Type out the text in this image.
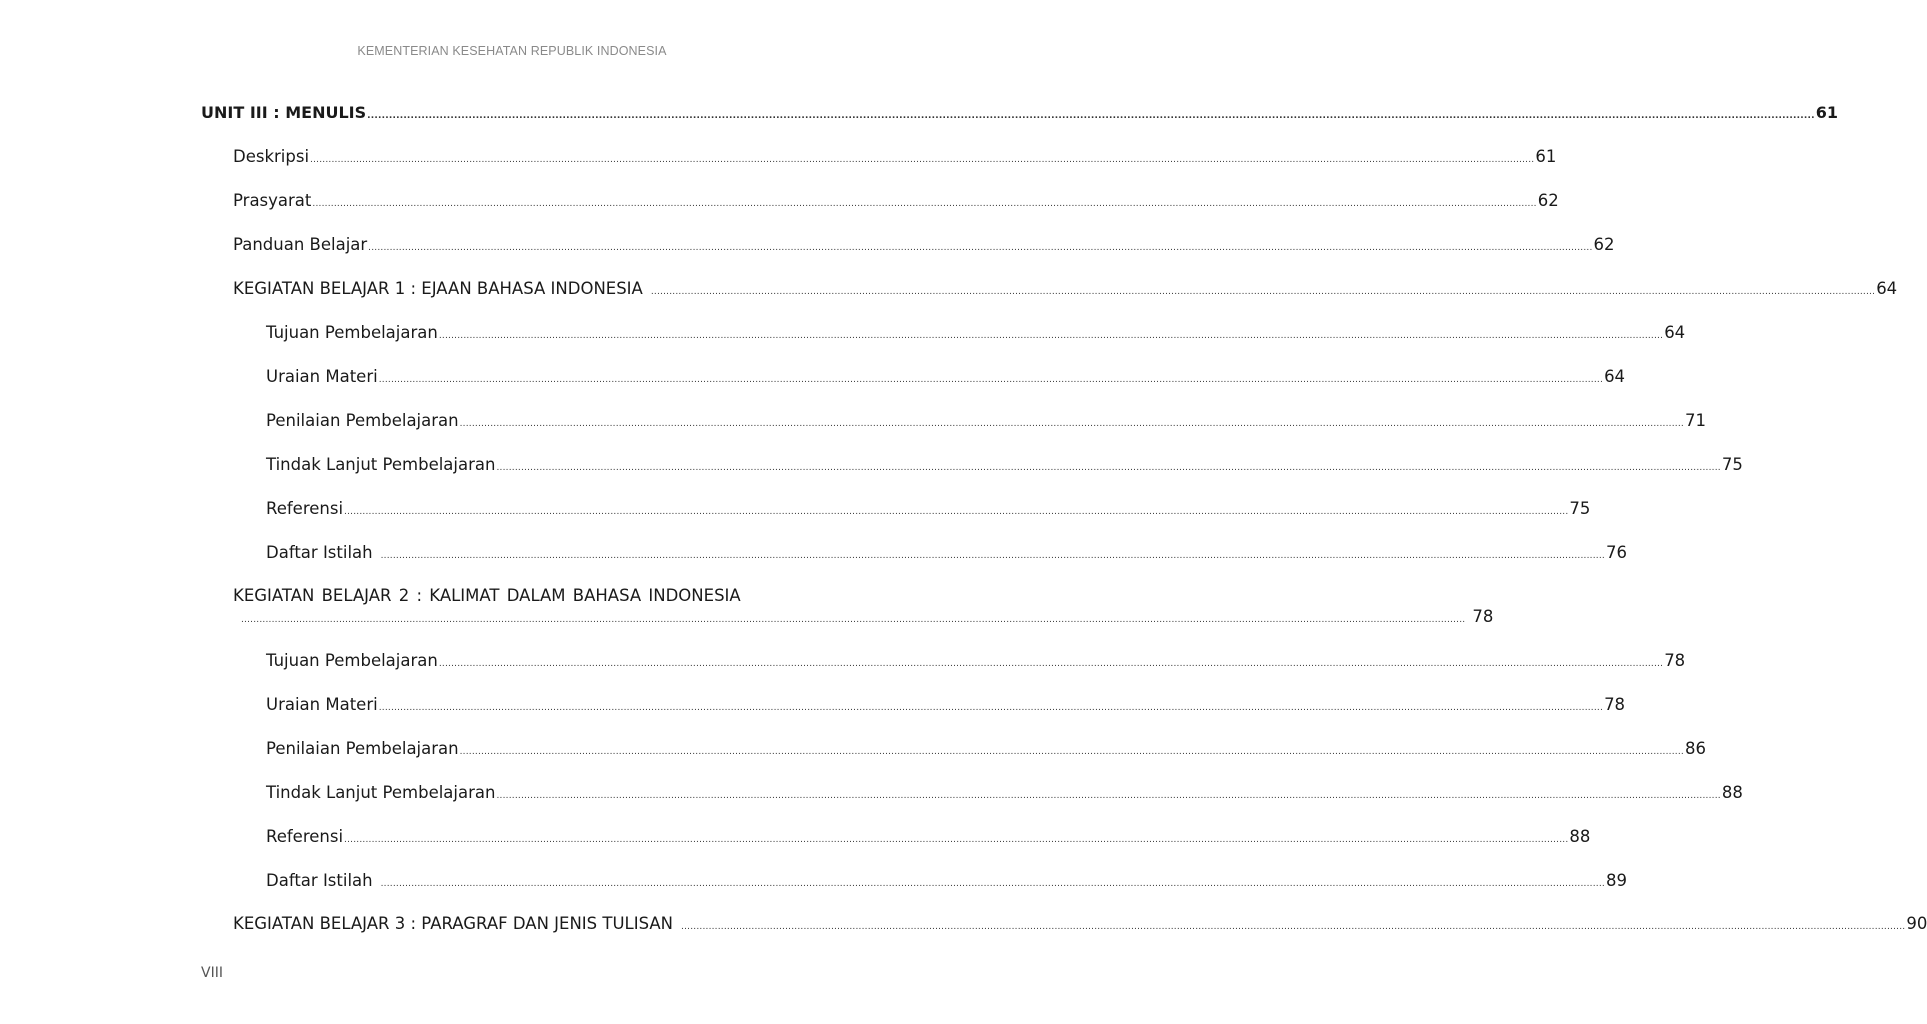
KEMENTERIAN KESEHATAN REPUBLIK INDONESIA
UNIT III : MENULIS ................................................................................................................................................................................................................................................................................................................................................................................................................ 61
Deskripsi ................................................................................................................................................................................................................................................................................................................................................................................................................ 61
Prasyarat ................................................................................................................................................................................................................................................................................................................................................................................................................ 62
Panduan Belajar ................................................................................................................................................................................................................................................................................................................................................................................................................ 62
KEGIATAN BELAJAR 1 : EJAAN BAHASA INDONESIA ................................................................................................................................................................................................................................................................................................................................................................................................................ 64
Tujuan Pembelajaran ................................................................................................................................................................................................................................................................................................................................................................................................................ 64
Uraian Materi ................................................................................................................................................................................................................................................................................................................................................................................................................ 64
Penilaian Pembelajaran ................................................................................................................................................................................................................................................................................................................................................................................................................ 71
Tindak Lanjut Pembelajaran ................................................................................................................................................................................................................................................................................................................................................................................................................ 75
Referensi ................................................................................................................................................................................................................................................................................................................................................................................................................ 75
Daftar Istilah ................................................................................................................................................................................................................................................................................................................................................................................................................ 76
KEGIATAN BELAJAR 2 : KALIMAT DALAM BAHASA INDONESIA
................................................................................................................................................................................................................................................................................................................................................................................................................ 78
Tujuan Pembelajaran ................................................................................................................................................................................................................................................................................................................................................................................................................ 78
Uraian Materi ................................................................................................................................................................................................................................................................................................................................................................................................................ 78
Penilaian Pembelajaran ................................................................................................................................................................................................................................................................................................................................................................................................................ 86
Tindak Lanjut Pembelajaran ................................................................................................................................................................................................................................................................................................................................................................................................................ 88
Referensi ................................................................................................................................................................................................................................................................................................................................................................................................................ 88
Daftar Istilah ................................................................................................................................................................................................................................................................................................................................................................................................................ 89
KEGIATAN BELAJAR 3 : PARAGRAF DAN JENIS TULISAN ................................................................................................................................................................................................................................................................................................................................................................................................................ 90
VIII
